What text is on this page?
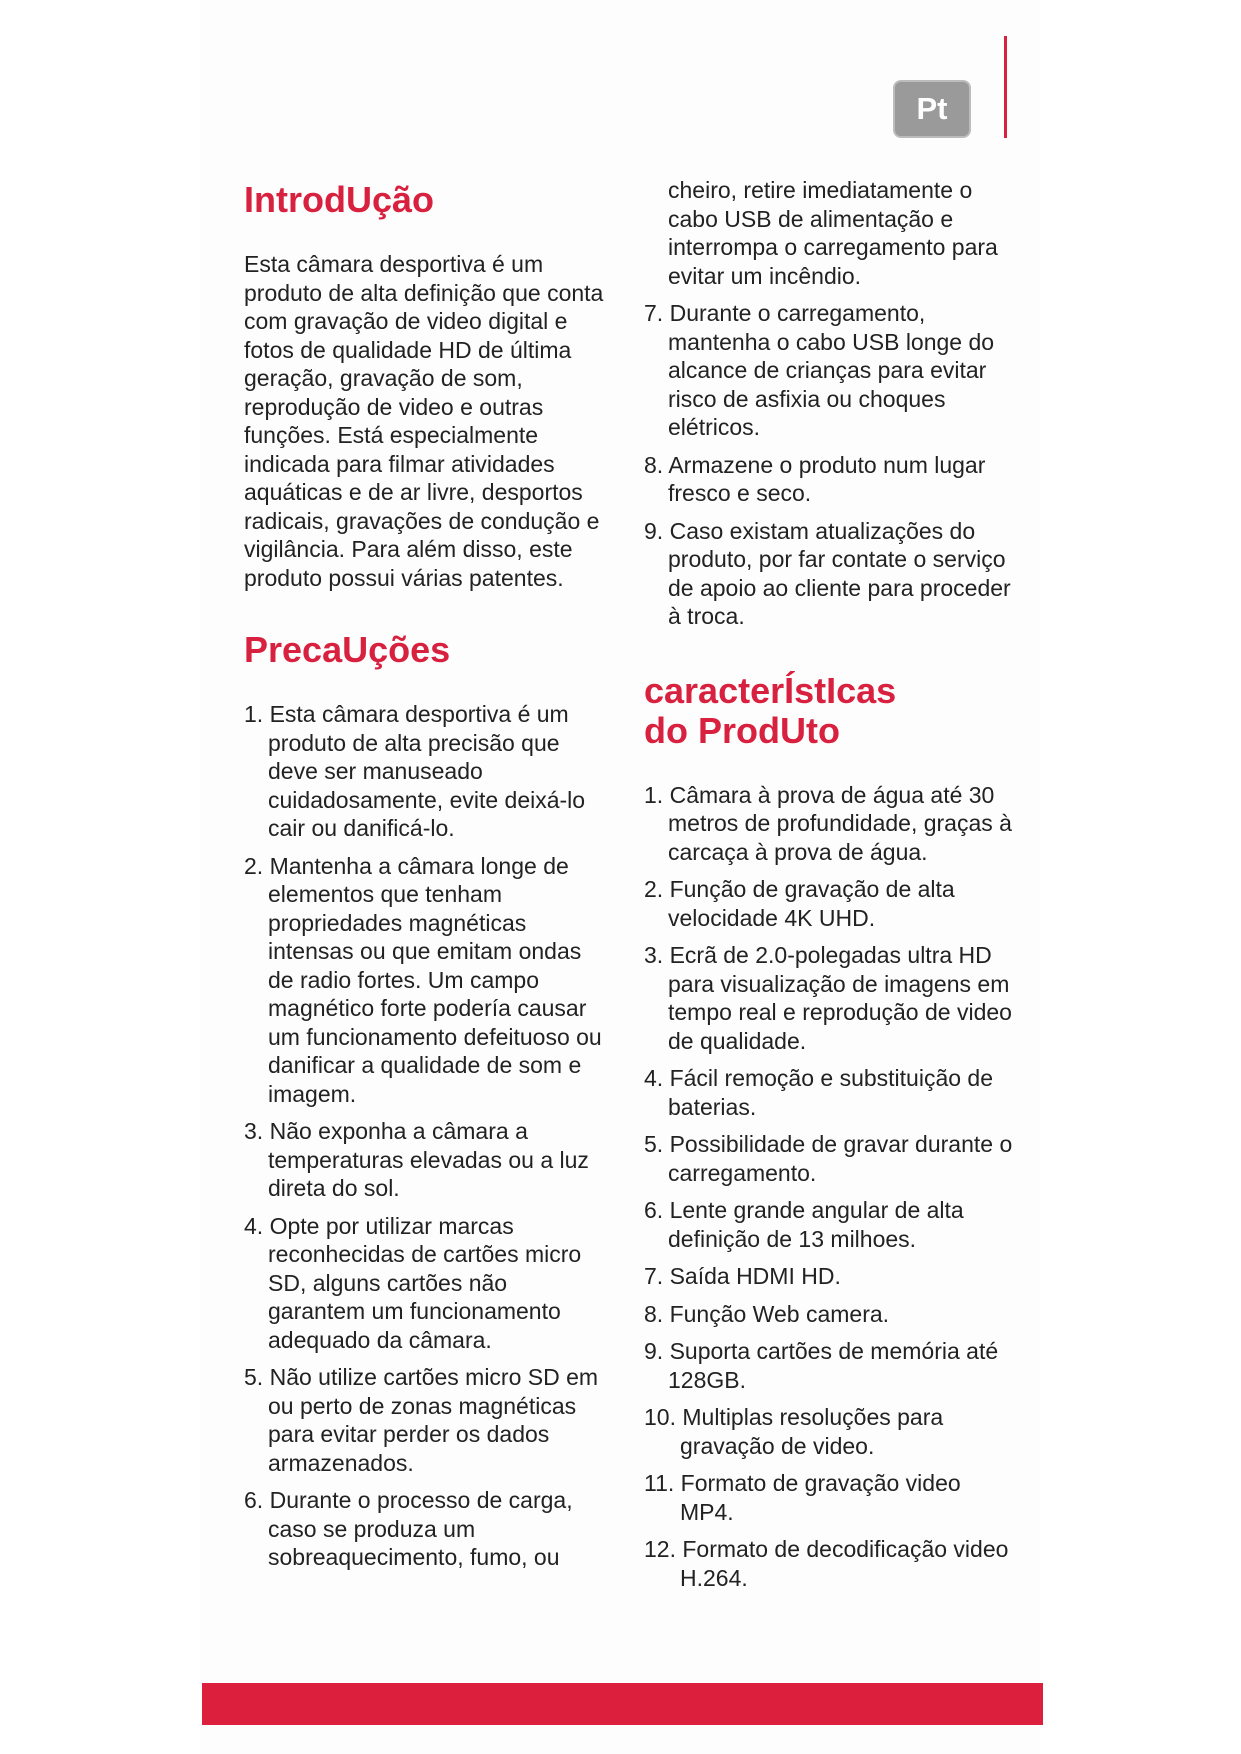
Pt
IntrodUção

Esta câmara desportiva é um produto de alta definição que conta com gravação de video digital e fotos de qualidade HD de última geração, gravação de som, reprodução de video e outras funções. Está especialmente indicada para filmar atividades aquáticas e de ar livre, desportos radicais, gravações de condução e vigilância. Para além disso, este produto possui várias patentes.

PrecaUções
1. Esta câmara desportiva é um produto de alta precisão que deve ser manuseado cuidadosamente, evite deixá-lo cair ou danificá-lo.
2. Mantenha a câmara longe de elementos que tenham propriedades magnéticas intensas ou que emitam ondas de radio fortes. Um campo magnético forte podería causar um funcionamento defeituoso ou danificar a qualidade de som e imagem.
3. Não exponha a câmara a temperaturas elevadas ou a luz direta do sol.
4. Opte por utilizar marcas reconhecidas de cartões micro SD, alguns cartões não garantem um funcionamento adequado da câmara.
5. Não utilize cartões micro SD em ou perto de zonas magnéticas para evitar perder os dados armazenados.
6. Durante o processo de carga, caso se produza um sobreaquecimento, fumo, ou

cheiro, retire imediatamente o cabo USB de alimentação e interrompa o carregamento para evitar um incêndio.

7. Durante o carregamento, mantenha o cabo USB longe do alcance de crianças para evitar risco de asfixia ou choques elétricos.
8. Armazene o produto num lugar fresco e seco.
9. Caso existam atualizações do produto, por far contate o serviço de apoio ao cliente para proceder à troca.
caracterÍstIcas
do ProdUto
1. Câmara à prova de água até 30 metros de profundidade, graças à carcaça à prova de água.
2. Função de gravação de alta velocidade 4K UHD.
3. Ecrã de 2.0-polegadas ultra HD para visualização de imagens em tempo real e reprodução de video de qualidade.
4. Fácil remoção e substituição de baterias.
5. Possibilidade de gravar durante o carregamento.
6. Lente grande angular de alta definição de 13 milhoes.
7. Saída HDMI HD.
8. Função Web camera.
9. Suporta cartões de memória até 128GB.
10. Multiplas resoluções para gravação de video.
11. Formato de gravação video MP4.
12. Formato de decodificação video H.264.
